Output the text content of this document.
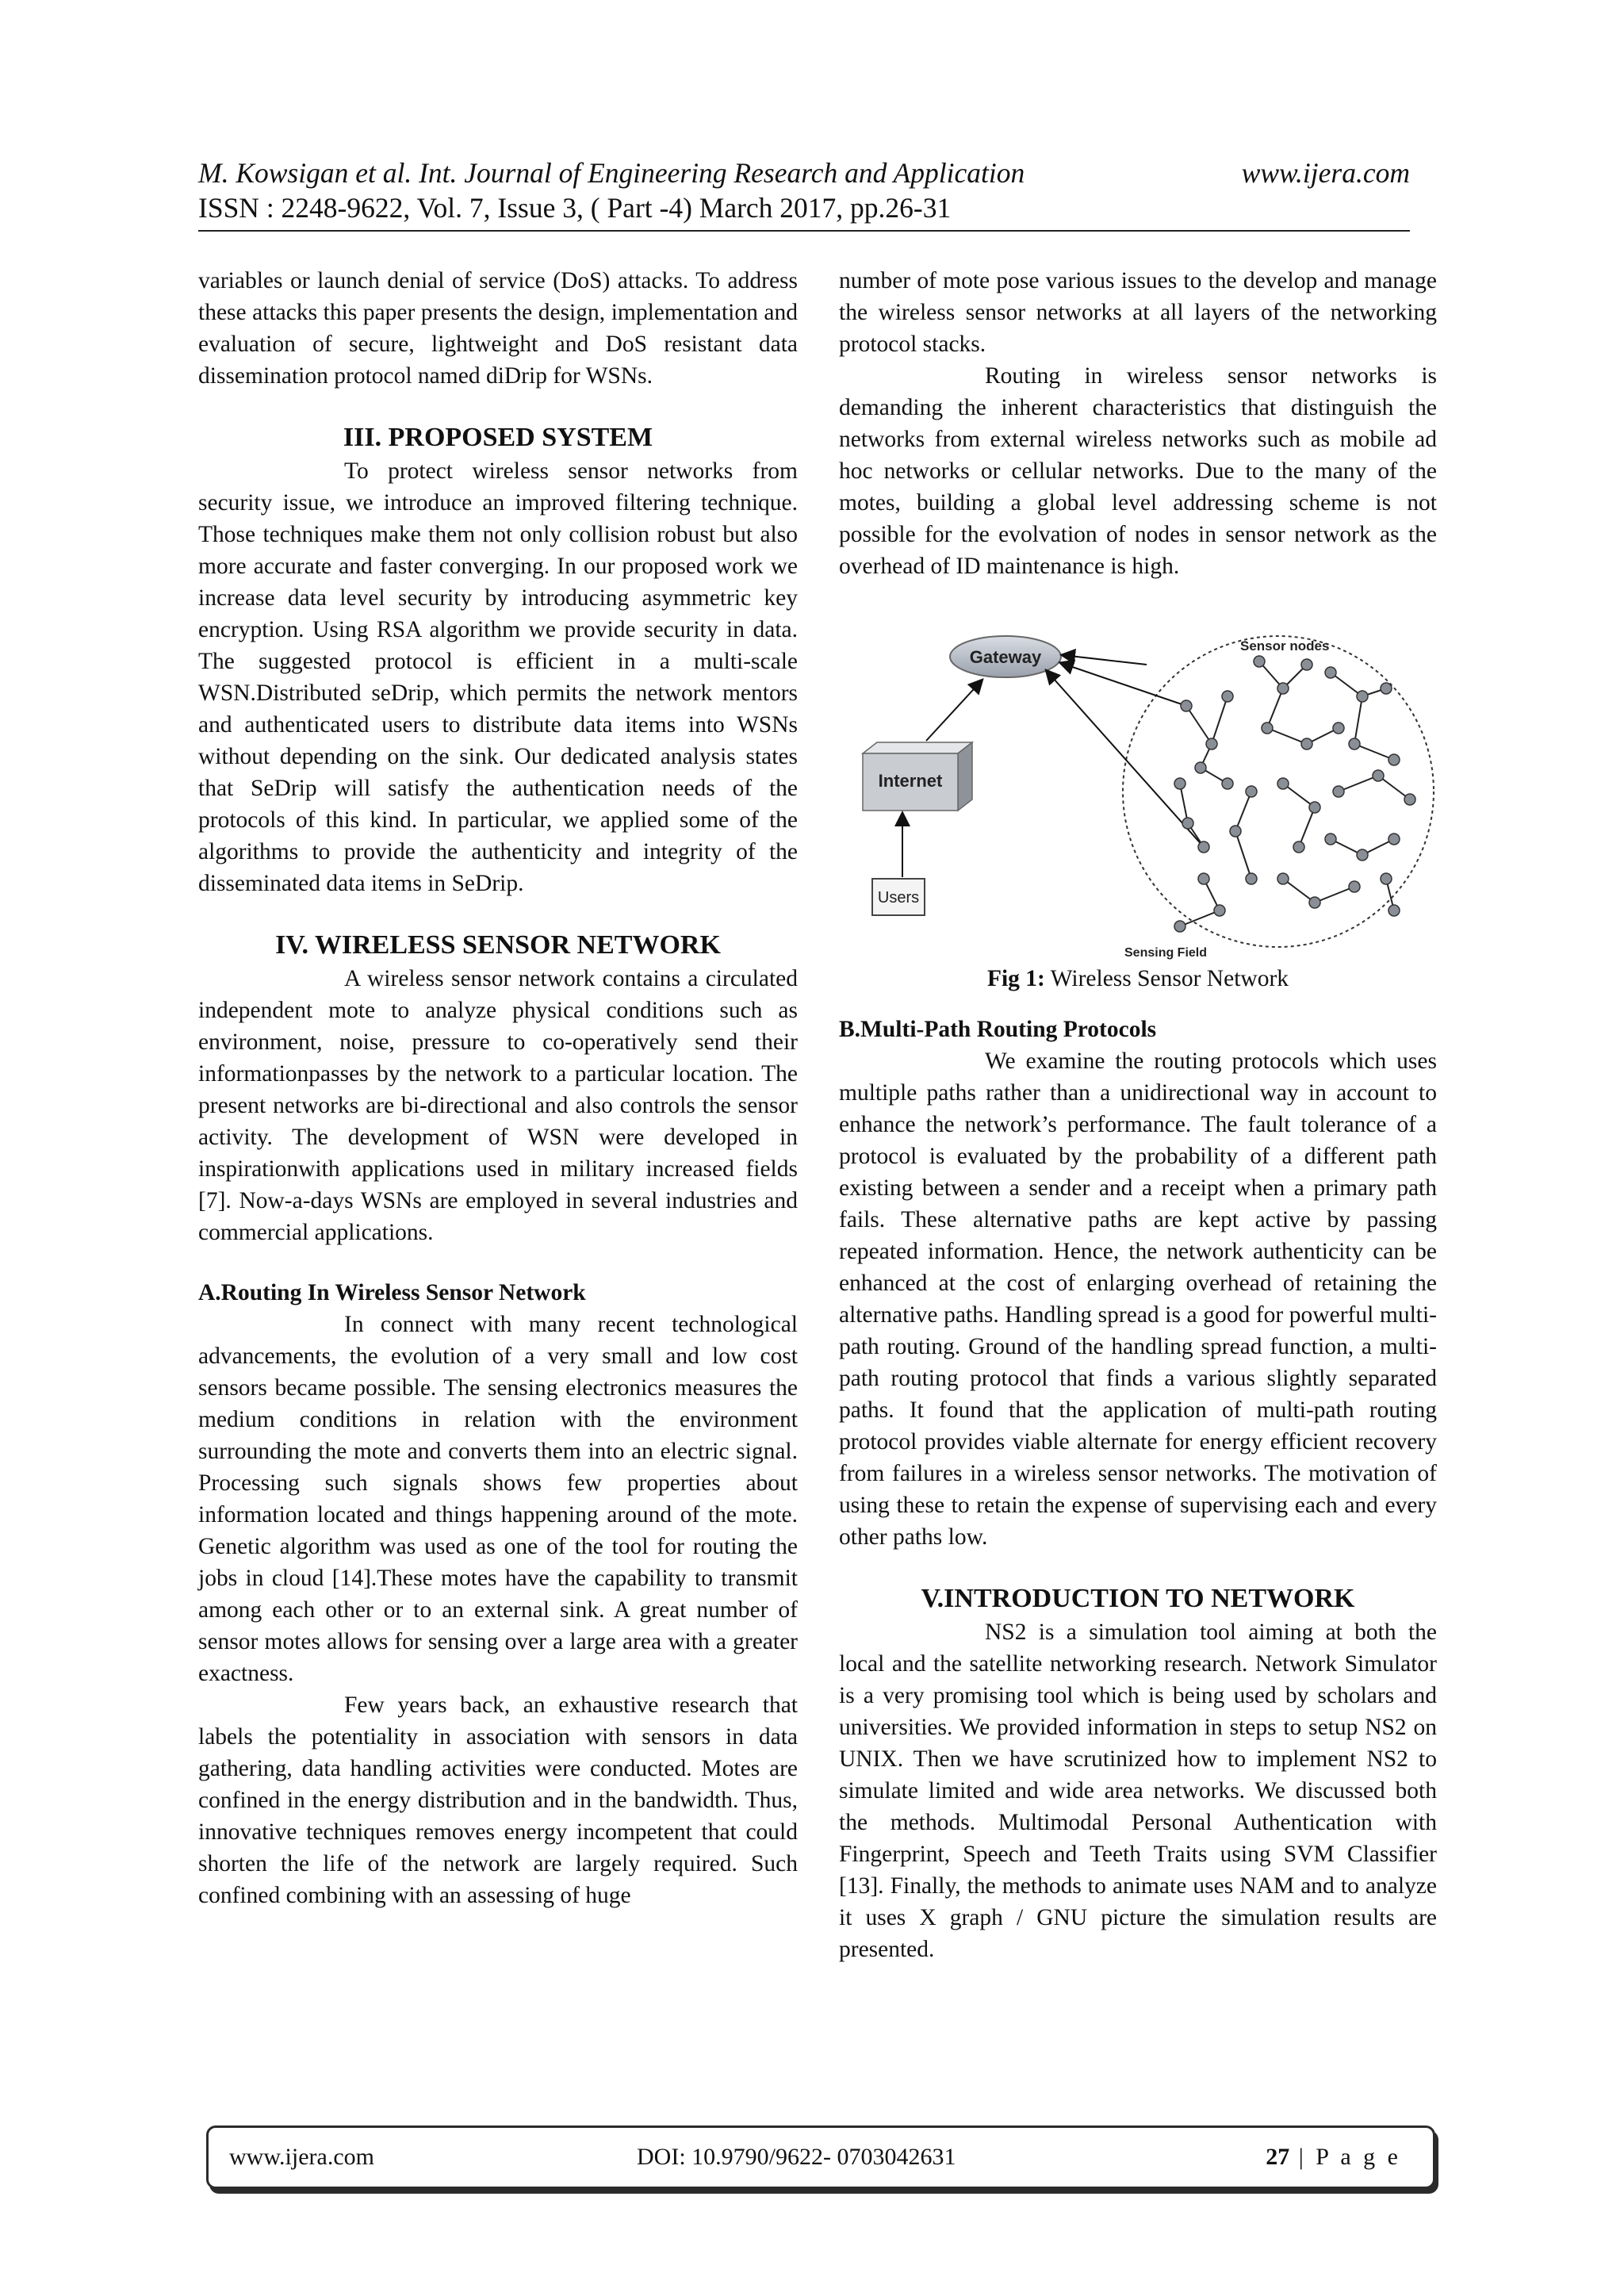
M. Kowsigan et al. Int. Journal of Engineering Research and Application	www.ijera.com
ISSN : 2248-9622, Vol. 7, Issue 3, ( Part -4) March 2017, pp.26-31

variables or launch denial of service (DoS) attacks. To address these attacks this paper presents the design, implementation and evaluation of secure, lightweight and DoS resistant data dissemination protocol named diDrip for WSNs.

III. PROPOSED SYSTEM

To protect wireless sensor networks from security issue, we introduce an improved filtering technique. Those techniques make them not only collision robust but also more accurate and faster converging. In our proposed work we increase data level security by introducing asymmetric key encryption. Using RSA algorithm we provide security in data. The suggested protocol is efficient in a multi-scale WSN.Distributed seDrip, which permits the network mentors and authenticated users to distribute data items into WSNs without depending on the sink. Our dedicated analysis states that SeDrip will satisfy the authentication needs of the protocols of this kind. In particular, we applied some of the algorithms to provide the authenticity and integrity of the disseminated data items in SeDrip.

IV. WIRELESS SENSOR NETWORK

A wireless sensor network contains a circulated independent mote to analyze physical conditions such as environment, noise, pressure to co-operatively send their informationpasses by the network to a particular location. The present networks are bi-directional and also controls the sensor activity. The development of WSN were developed in inspirationwith applications used in military increased fields [7]. Now-a-days WSNs are employed in several industries and commercial applications.

A.Routing In Wireless Sensor Network

In connect with many recent technological advancements, the evolution of a very small and low cost sensors became possible. The sensing electronics measures the medium conditions in relation with the environment surrounding the mote and converts them into an electric signal. Processing such signals shows few properties about information located and things happening around of the mote. Genetic algorithm was used as one of the tool for routing the jobs in cloud [14].These motes have the capability to transmit among each other or to an external sink. A great number of sensor motes allows for sensing over a large area with a greater exactness.

Few years back, an exhaustive research that labels the potentiality in association with sensors in data gathering, data handling activities were conducted. Motes are confined in the energy distribution and in the bandwidth. Thus, innovative techniques removes energy incompetent that could shorten the life of the network are largely required. Such confined combining with an assessing of huge

number of mote pose various issues to the develop and manage the wireless sensor networks at all layers of the networking protocol stacks.

Routing in wireless sensor networks is demanding the inherent characteristics that distinguish the networks from external wireless networks such as mobile ad hoc networks or cellular networks. Due to the many of the motes, building a global level addressing scheme is not possible for the evolvation of nodes in sensor network as the overhead of ID maintenance is high.

Gateway
Internet
Users
Sensor nodes
Sensing Field

Fig 1: Wireless Sensor Network

B.Multi-Path Routing Protocols

We examine the routing protocols which uses multiple paths rather than a unidirectional way in account to enhance the network’s performance. The fault tolerance of a protocol is evaluated by the probability of a different path existing between a sender and a receipt when a primary path fails. These alternative paths are kept active by passing repeated information. Hence, the network authenticity can be enhanced at the cost of enlarging overhead of retaining the alternative paths. Handling spread is a good for powerful multi-path routing. Ground of the handling spread function, a multi-path routing protocol that finds a various slightly separated paths. It found that the application of multi-path routing protocol provides viable alternate for energy efficient recovery from failures in a wireless sensor networks. The motivation of using these to retain the expense of supervising each and every other paths low.

V.INTRODUCTION TO NETWORK

NS2 is a simulation tool aiming at both the local and the satellite networking research. Network Simulator is a very promising tool which is being used by scholars and universities. We provided information in steps to setup NS2 on UNIX. Then we have scrutinized how to implement NS2 to simulate limited and wide area networks. We discussed both the methods. Multimodal Personal Authentication with Fingerprint, Speech and Teeth Traits using SVM Classifier [13]. Finally, the methods to animate uses NAM and to analyze it uses X graph / GNU picture the simulation results are presented.

www.ijera.com	DOI: 10.9790/9622- 0703042631	27 | P a g e
